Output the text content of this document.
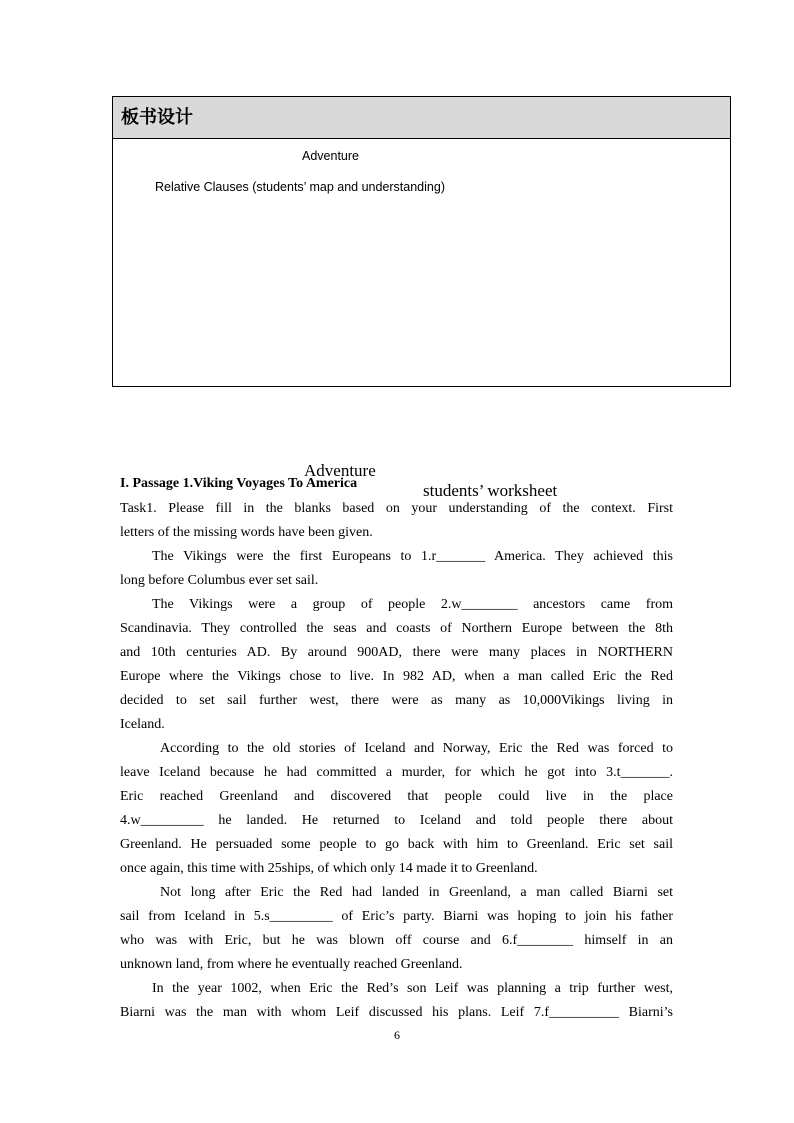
板书设计
Adventure
Relative Clauses (students’ map and understanding)

Adventure

students’ worksheet

I. Passage 1.Viking Voyages To America
Task1. Please fill in the blanks based on your understanding of the context. First
letters of the missing words have been given.
The Vikings were the first Europeans to 1.r_______ America. They achieved this
long before Columbus ever set sail.
The Vikings were a group of people 2.w________ ancestors came from
Scandinavia. They controlled the seas and coasts of Northern Europe between the 8th
and 10th centuries AD. By around 900AD, there were many places in NORTHERN
Europe where the Vikings chose to live. In 982 AD, when a man called Eric the Red
decided to set sail further west, there were as many as 10,000Vikings living in
Iceland.
According to the old stories of Iceland and Norway, Eric the Red was forced to
leave Iceland because he had committed a murder, for which he got into 3.t_______.
Eric reached Greenland and discovered that people could live in the place
4.w_________ he landed. He returned to Iceland and told people there about
Greenland. He persuaded some people to go back with him to Greenland. Eric set sail
once again, this time with 25ships, of which only 14 made it to Greenland.
Not long after Eric the Red had landed in Greenland, a man called Biarni set
sail from Iceland in 5.s_________ of Eric’s party. Biarni was hoping to join his father
who was with Eric, but he was blown off course and 6.f________ himself in an
unknown land, from where he eventually reached Greenland.
In the year 1002, when Eric the Red’s son Leif was planning a trip further west,
Biarni was the man with whom Leif discussed his plans. Leif 7.f__________ Biarni’s
6
